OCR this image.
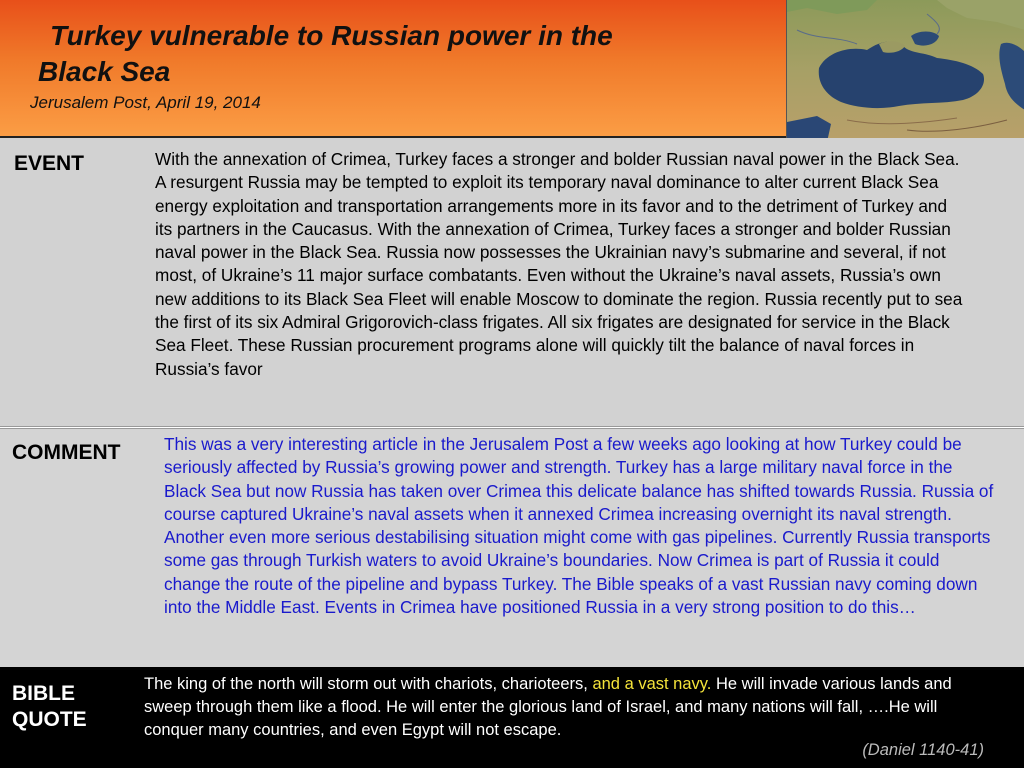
Turkey vulnerable to Russian power in the
Black Sea

Jerusalem Post, April 19, 2014

EVENT	With the annexation of Crimea, Turkey faces a stronger and bolder Russian naval power in the Black Sea. A resurgent Russia may be tempted to exploit its temporary naval dominance to alter current Black Sea energy exploitation and transportation arrangements more in its favor and to the detriment of Turkey and its partners in the Caucasus. With the annexation of Crimea, Turkey faces a stronger and bolder Russian naval power in the Black Sea. Russia now possesses the Ukrainian navy’s submarine and several, if not most, of Ukraine’s 11 major surface combatants. Even without the Ukraine’s naval assets, Russia’s own new additions to its Black Sea Fleet will enable Moscow to dominate the region. Russia recently put to sea the first of its six Admiral Grigorovich-class frigates. All six frigates are designated for service in the Black Sea Fleet. These Russian procurement programs alone will quickly tilt the balance of naval forces in Russia’s favor

COMMENT	This was a very interesting article in the Jerusalem Post a few weeks ago looking at how Turkey could be seriously affected by Russia’s growing power and strength. Turkey has a large military naval force in the Black Sea but now Russia has taken over Crimea this delicate balance has shifted towards Russia. Russia of course captured Ukraine’s naval assets when it annexed Crimea increasing overnight its naval strength. Another even more serious destabilising situation might come with gas pipelines. Currently Russia transports some gas through Turkish waters to avoid Ukraine’s boundaries. Now Crimea is part of Russia it could change the route of the pipeline and bypass Turkey. The Bible speaks of a vast Russian navy coming down into the Middle East. Events in Crimea have positioned Russia in a very strong position to do this…

BIBLE
QUOTE

The king of the north will storm out with chariots, charioteers, and a vast navy. He will invade various lands and sweep through them like a flood. He will enter the glorious land of Israel, and many nations will fall, ….He will conquer many countries, and even Egypt will not escape.

(Daniel 1140-41)
